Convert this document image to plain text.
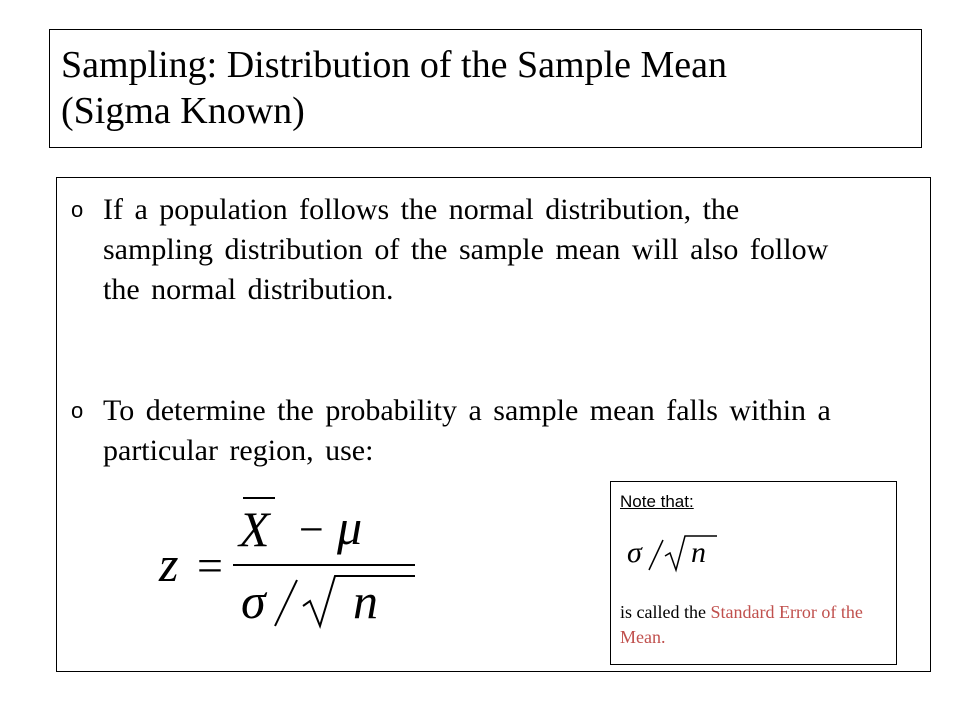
Sampling: Distribution of the Sample Mean
(Sigma Known)
o If a population follows the normal distribution, the sampling distribution of the sample mean will also follow the normal distribution.
o To determine the probability a sample mean falls within a particular region, use:
z =
X − μ
σ n
Note that:
σ n
is called the Standard Error of the Mean.
